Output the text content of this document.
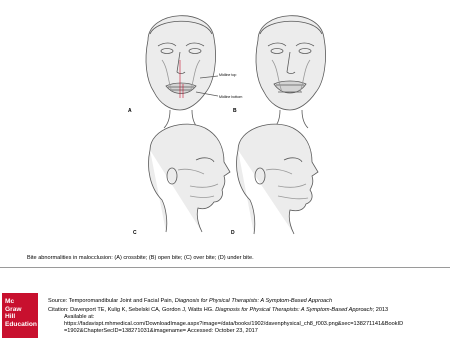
A	B
C	D
Midline top
Midline bottom
Bite abnormalities in malocclusion: (A) crossbite; (B) open bite; (C) over bite; (D) under bite.
Mc
Graw
Hill
Education
Source: Temporomandibular Joint and Facial Pain, Diagnosis for Physical Therapists: A Symptom-Based Approach
Citation: Davenport TE, Kulig K, Sebelski CA, Gordon J, Watts HG. Diagnosis for Physical Therapists: A Symptom-Based Approach; 2013
Available at:
https://fadavispt.mhmedical.com/DownloadImage.aspx?image=/data/books/1902/davenphysical_ch8_f003.png&sec=138271141&BookID
=1902&ChapterSecID=138271031&imagename= Accessed: October 23, 2017
